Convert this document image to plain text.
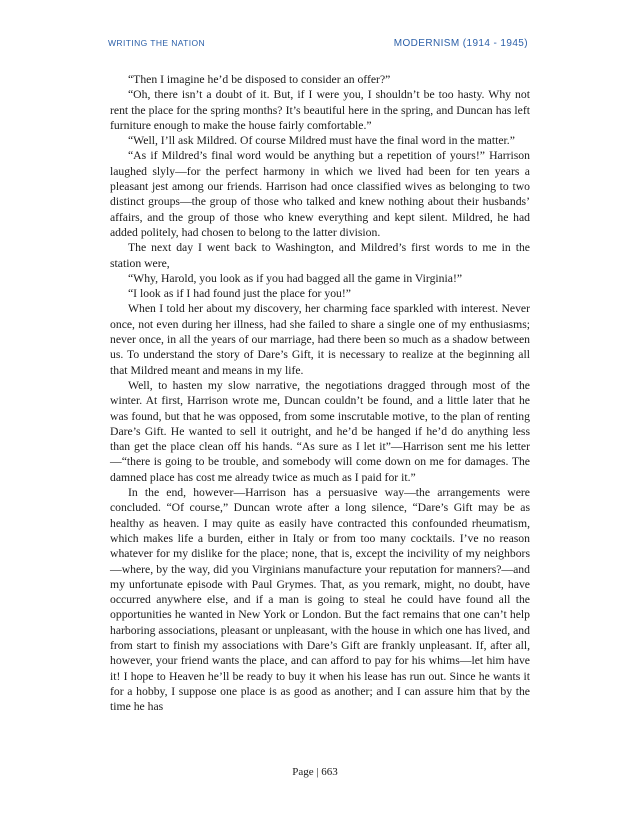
WRITING THE NATION	MODERNISM (1914 - 1945)

“Then I imagine he’d be disposed to consider an offer?”

“Oh, there isn’t a doubt of it. But, if I were you, I shouldn’t be too hasty. Why not rent the place for the spring months? It’s beautiful here in the spring, and Duncan has left furniture enough to make the house fairly comfortable.”

“Well, I’ll ask Mildred. Of course Mildred must have the final word in the matter.”

“As if Mildred’s final word would be anything but a repetition of yours!” Harrison laughed slyly—for the perfect harmony in which we lived had been for ten years a pleasant jest among our friends. Harrison had once classified wives as belonging to two distinct groups—the group of those who talked and knew nothing about their husbands’ affairs, and the group of those who knew everything and kept silent. Mildred, he had added politely, had chosen to belong to the latter division.

The next day I went back to Washington, and Mildred’s first words to me in the station were,

“Why, Harold, you look as if you had bagged all the game in Virginia!”

“I look as if I had found just the place for you!”

When I told her about my discovery, her charming face sparkled with interest. Never once, not even during her illness, had she failed to share a single one of my enthusiasms; never once, in all the years of our marriage, had there been so much as a shadow between us. To understand the story of Dare’s Gift, it is necessary to realize at the beginning all that Mildred meant and means in my life.

Well, to hasten my slow narrative, the negotiations dragged through most of the winter. At first, Harrison wrote me, Duncan couldn’t be found, and a little later that he was found, but that he was opposed, from some inscrutable motive, to the plan of renting Dare’s Gift. He wanted to sell it outright, and he’d be hanged if he’d do anything less than get the place clean off his hands. “As sure as I let it”—Harrison sent me his letter—“there is going to be trouble, and somebody will come down on me for damages. The damned place has cost me already twice as much as I paid for it.”

In the end, however—Harrison has a persuasive way—the arrangements were concluded. “Of course,” Duncan wrote after a long silence, “Dare’s Gift may be as healthy as heaven. I may quite as easily have contracted this confounded rheumatism, which makes life a burden, either in Italy or from too many cocktails. I’ve no reason whatever for my dislike for the place; none, that is, except the incivility of my neighbors—where, by the way, did you Virginians manufacture your reputation for manners?—and my unfortunate episode with Paul Grymes. That, as you remark, might, no doubt, have occurred anywhere else, and if a man is going to steal he could have found all the opportunities he wanted in New York or London. But the fact remains that one can’t help harboring associations, pleasant or unpleasant, with the house in which one has lived, and from start to finish my associations with Dare’s Gift are frankly unpleasant. If, after all, however, your friend wants the place, and can afford to pay for his whims—let him have it! I hope to Heaven he’ll be ready to buy it when his lease has run out. Since he wants it for a hobby, I suppose one place is as good as another; and I can assure him that by the time he has

Page | 663
